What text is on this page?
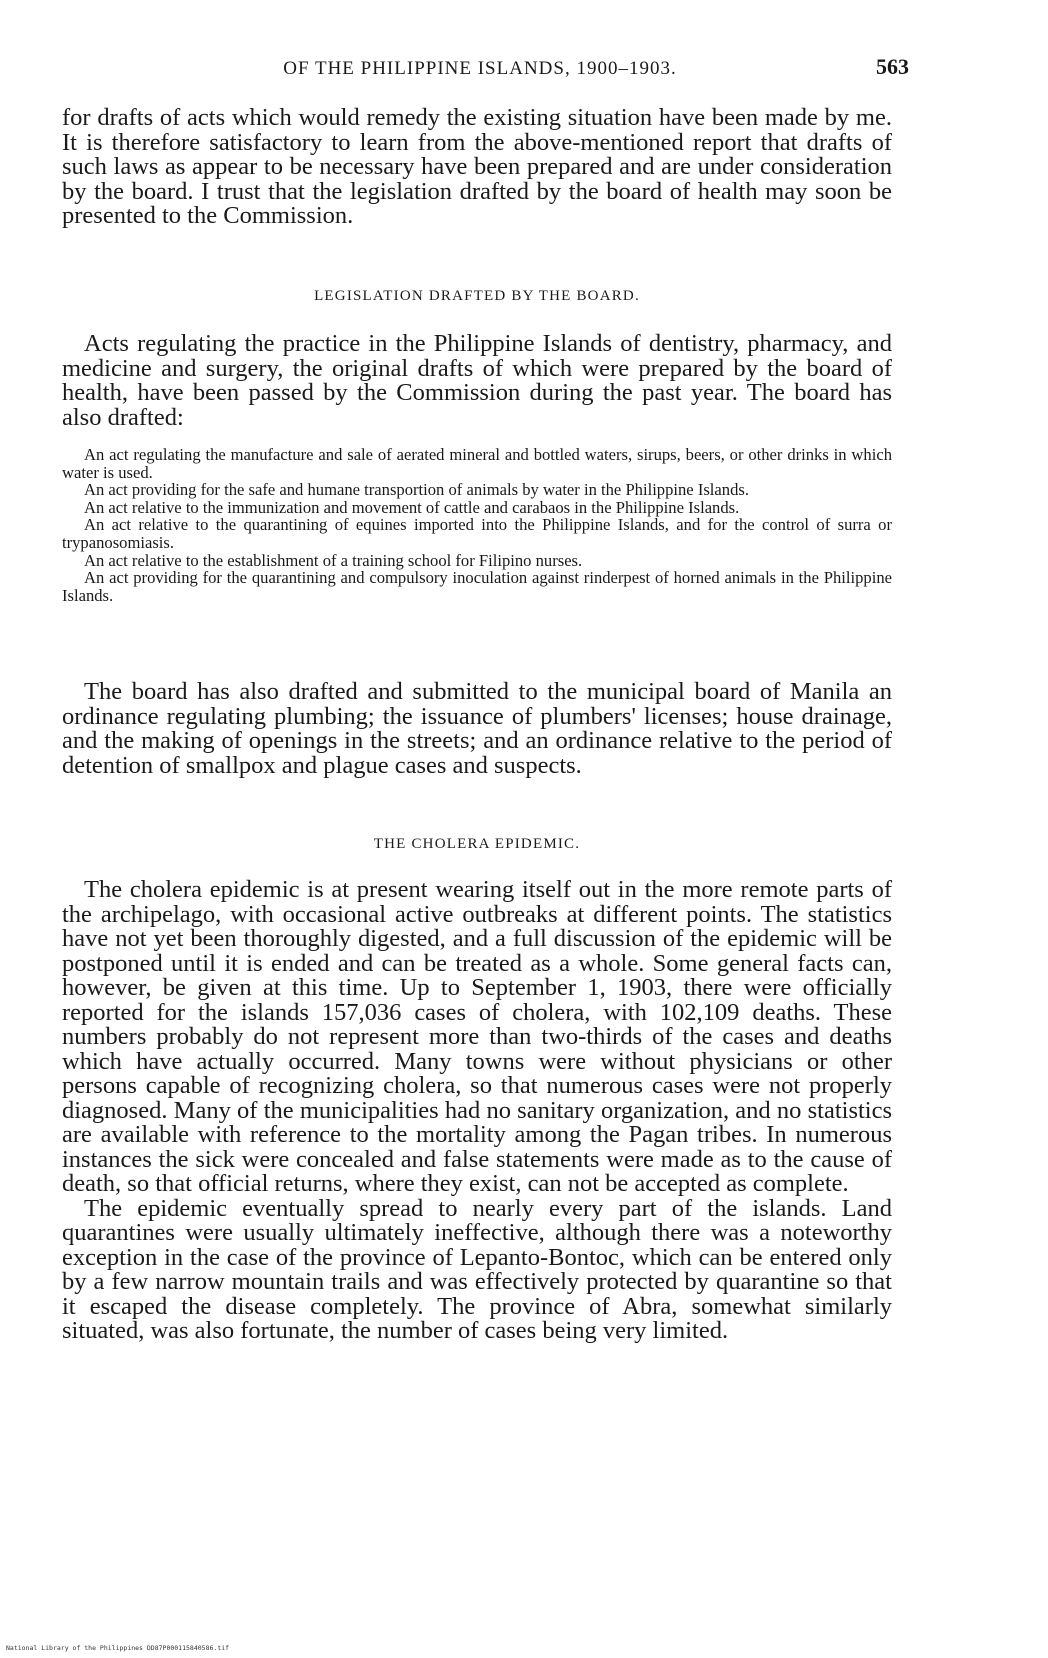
OF THE PHILIPPINE ISLANDS, 1900–1903.	563

for drafts of acts which would remedy the existing situation have been made by me. It is therefore satisfactory to learn from the above-mentioned report that drafts of such laws as appear to be necessary have been prepared and are under consideration by the board. I trust that the legislation drafted by the board of health may soon be presented to the Commission.

LEGISLATION DRAFTED BY THE BOARD.

Acts regulating the practice in the Philippine Islands of dentistry, pharmacy, and medicine and surgery, the original drafts of which were prepared by the board of health, have been passed by the Commission during the past year. The board has also drafted:

An act regulating the manufacture and sale of aerated mineral and bottled waters, sirups, beers, or other drinks in which water is used.
An act providing for the safe and humane transportion of animals by water in the Philippine Islands.
An act relative to the immunization and movement of cattle and carabaos in the Philippine Islands.
An act relative to the quarantining of equines imported into the Philippine Islands, and for the control of surra or trypanosomiasis.
An act relative to the establishment of a training school for Filipino nurses.
An act providing for the quarantining and compulsory inoculation against rinderpest of horned animals in the Philippine Islands.

The board has also drafted and submitted to the municipal board of Manila an ordinance regulating plumbing; the issuance of plumbers' licenses; house drainage, and the making of openings in the streets; and an ordinance relative to the period of detention of smallpox and plague cases and suspects.

THE CHOLERA EPIDEMIC.

The cholera epidemic is at present wearing itself out in the more remote parts of the archipelago, with occasional active outbreaks at different points. The statistics have not yet been thoroughly digested, and a full discussion of the epidemic will be postponed until it is ended and can be treated as a whole. Some general facts can, however, be given at this time. Up to September 1, 1903, there were officially reported for the islands 157,036 cases of cholera, with 102,109 deaths. These numbers probably do not represent more than two-thirds of the cases and deaths which have actually occurred. Many towns were without physicians or other persons capable of recognizing cholera, so that numerous cases were not properly diagnosed. Many of the municipalities had no sanitary organization, and no statistics are available with reference to the mortality among the Pagan tribes. In numerous instances the sick were concealed and false statements were made as to the cause of death, so that official returns, where they exist, can not be accepted as complete.

The epidemic eventually spread to nearly every part of the islands. Land quarantines were usually ultimately ineffective, although there was a noteworthy exception in the case of the province of Lepanto-Bontoc, which can be entered only by a few narrow mountain trails and was effectively protected by quarantine so that it escaped the disease completely. The province of Abra, somewhat similarly situated, was also fortunate, the number of cases being very limited.

National Library of the Philippines DD87P000115840586.tif
